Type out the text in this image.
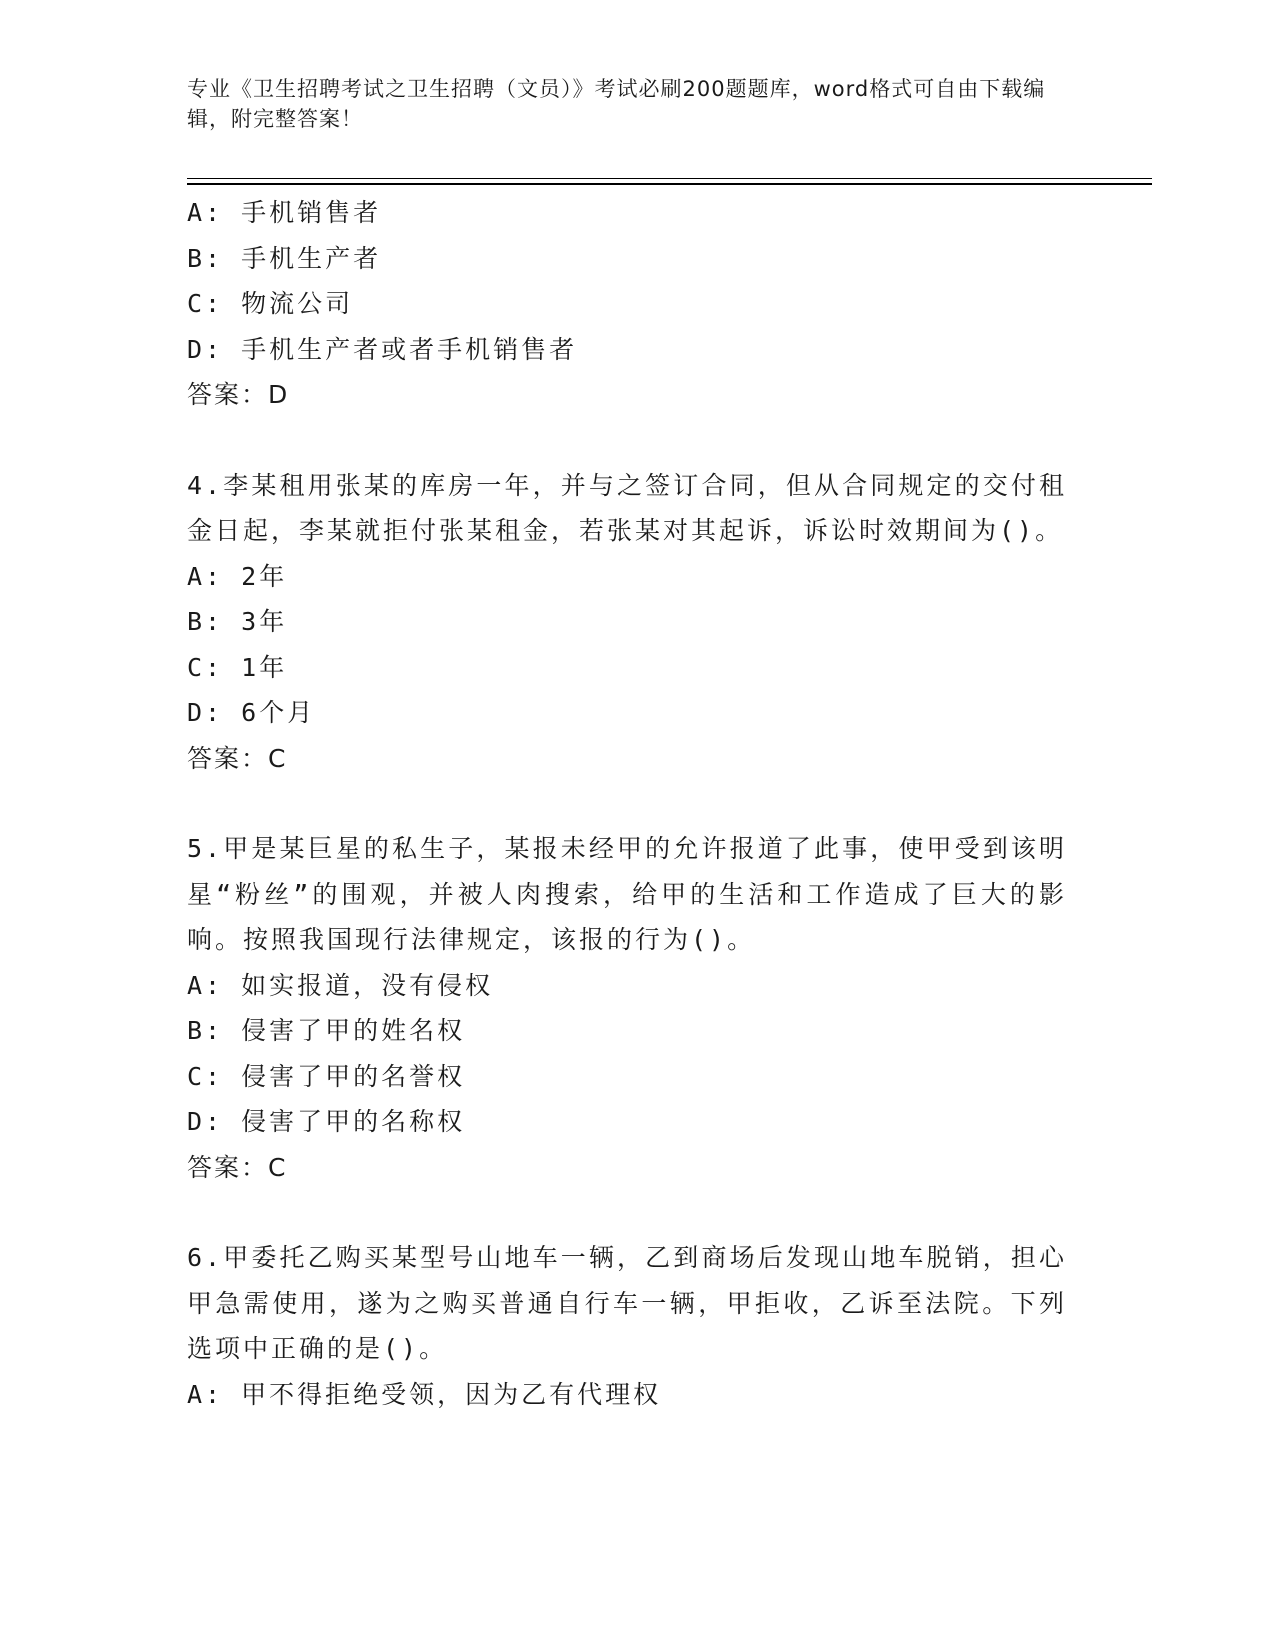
专业《卫生招聘考试之卫生招聘（文员）》考试必刷200题题库，word格式可自由下载编辑，附完整答案！
A: 手机销售者
B: 手机生产者
C: 物流公司
D: 手机生产者或者手机销售者
答案：D
4.李某租用张某的库房一年，并与之签订合同，但从合同规定的交付租金日起，李某就拒付张某租金，若张某对其起诉，诉讼时效期间为()。
A: 2年
B: 3年
C: 1年
D: 6个月
答案：C
5.甲是某巨星的私生子，某报未经甲的允许报道了此事，使甲受到该明星“粉丝”的围观，并被人肉搜索，给甲的生活和工作造成了巨大的影响。按照我国现行法律规定，该报的行为()。
A: 如实报道，没有侵权
B: 侵害了甲的姓名权
C: 侵害了甲的名誉权
D: 侵害了甲的名称权
答案：C
6.甲委托乙购买某型号山地车一辆，乙到商场后发现山地车脱销，担心甲急需使用，遂为之购买普通自行车一辆，甲拒收，乙诉至法院。下列选项中正确的是()。
A: 甲不得拒绝受领，因为乙有代理权
